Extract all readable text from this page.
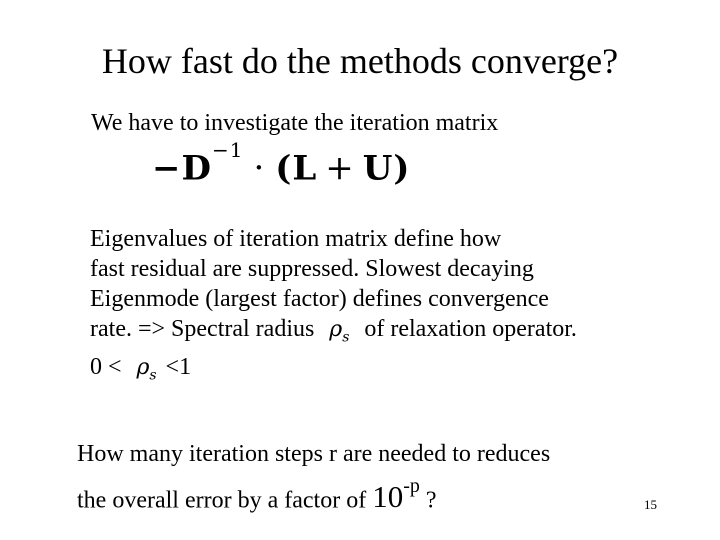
How fast do the methods converge?
We have to investigate the iteration matrix
$-D^{-1} \cdot (L + U)$
Eigenvalues of iteration matrix define how
fast residual are suppressed. Slowest decaying
Eigenmode (largest factor) defines convergence
rate. => Spectral radius $\rho_s$ of relaxation operator.
$0 < \rho_s <1$
How many iteration steps r are needed to reduces
the overall error by a factor of $10^{-p}$ ?	15
